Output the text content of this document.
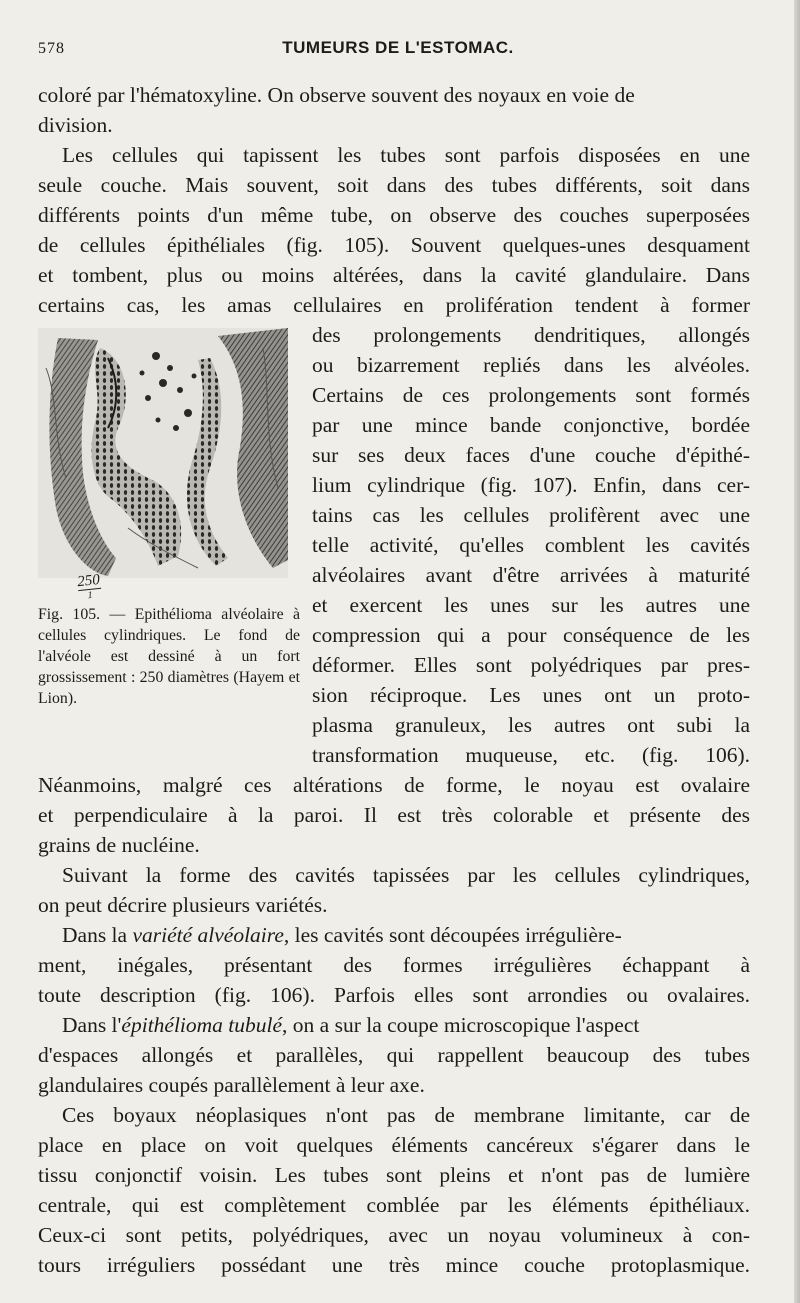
578	TUMEURS DE L'ESTOMAC.
coloré par l'hématoxyline. On observe souvent des noyaux en voie de
division.
Les cellules qui tapissent les tubes sont parfois disposées en une
seule couche. Mais souvent, soit dans des tubes différents, soit dans
différents points d'un même tube, on observe des couches superposées
de cellules épithéliales (fig. 105). Souvent quelques-unes desquament
et tombent, plus ou moins altérées, dans la cavité glandulaire. Dans
certains cas, les amas cellulaires en prolifération tendent à former
des prolongements dendritiques, allongés
ou bizarrement repliés dans les alvéoles.
Certains de ces prolongements sont formés
par une mince bande conjonctive, bordée
sur ses deux faces d'une couche d'épithé-
lium cylindrique (fig. 107). Enfin, dans cer-
tains cas les cellules prolifèrent avec une
telle activité, qu'elles comblent les cavités
alvéolaires avant d'être arrivées à maturité
et exercent les unes sur les autres une
compression qui a pour conséquence de les
déformer. Elles sont polyédriques par pres-
sion réciproque. Les unes ont un proto-
plasma granuleux, les autres ont subi la
transformation muqueuse, etc. (fig. 106).
250
1
Fig. 105. — Epithélioma alvéolaire à cellules cylindriques. Le fond de l'alvéole est dessiné à un fort grossissement : 250 diamètres (Hayem et Lion).
Néanmoins, malgré ces altérations de forme, le noyau est ovalaire
et perpendiculaire à la paroi. Il est très colorable et présente des
grains de nucléine.
Suivant la forme des cavités tapissées par les cellules cylindriques,
on peut décrire plusieurs variétés.
Dans la variété alvéolaire, les cavités sont découpées irrégulière-
ment, inégales, présentant des formes irrégulières échappant à
toute description (fig. 106). Parfois elles sont arrondies ou ovalaires.
Dans l'épithélioma tubulé, on a sur la coupe microscopique l'aspect
d'espaces allongés et parallèles, qui rappellent beaucoup des tubes
glandulaires coupés parallèlement à leur axe.
Ces boyaux néoplasiques n'ont pas de membrane limitante, car de
place en place on voit quelques éléments cancéreux s'égarer dans le
tissu conjonctif voisin. Les tubes sont pleins et n'ont pas de lumière
centrale, qui est complètement comblée par les éléments épithéliaux.
Ceux-ci sont petits, polyédriques, avec un noyau volumineux à con-
tours irréguliers possédant une très mince couche protoplasmique.
